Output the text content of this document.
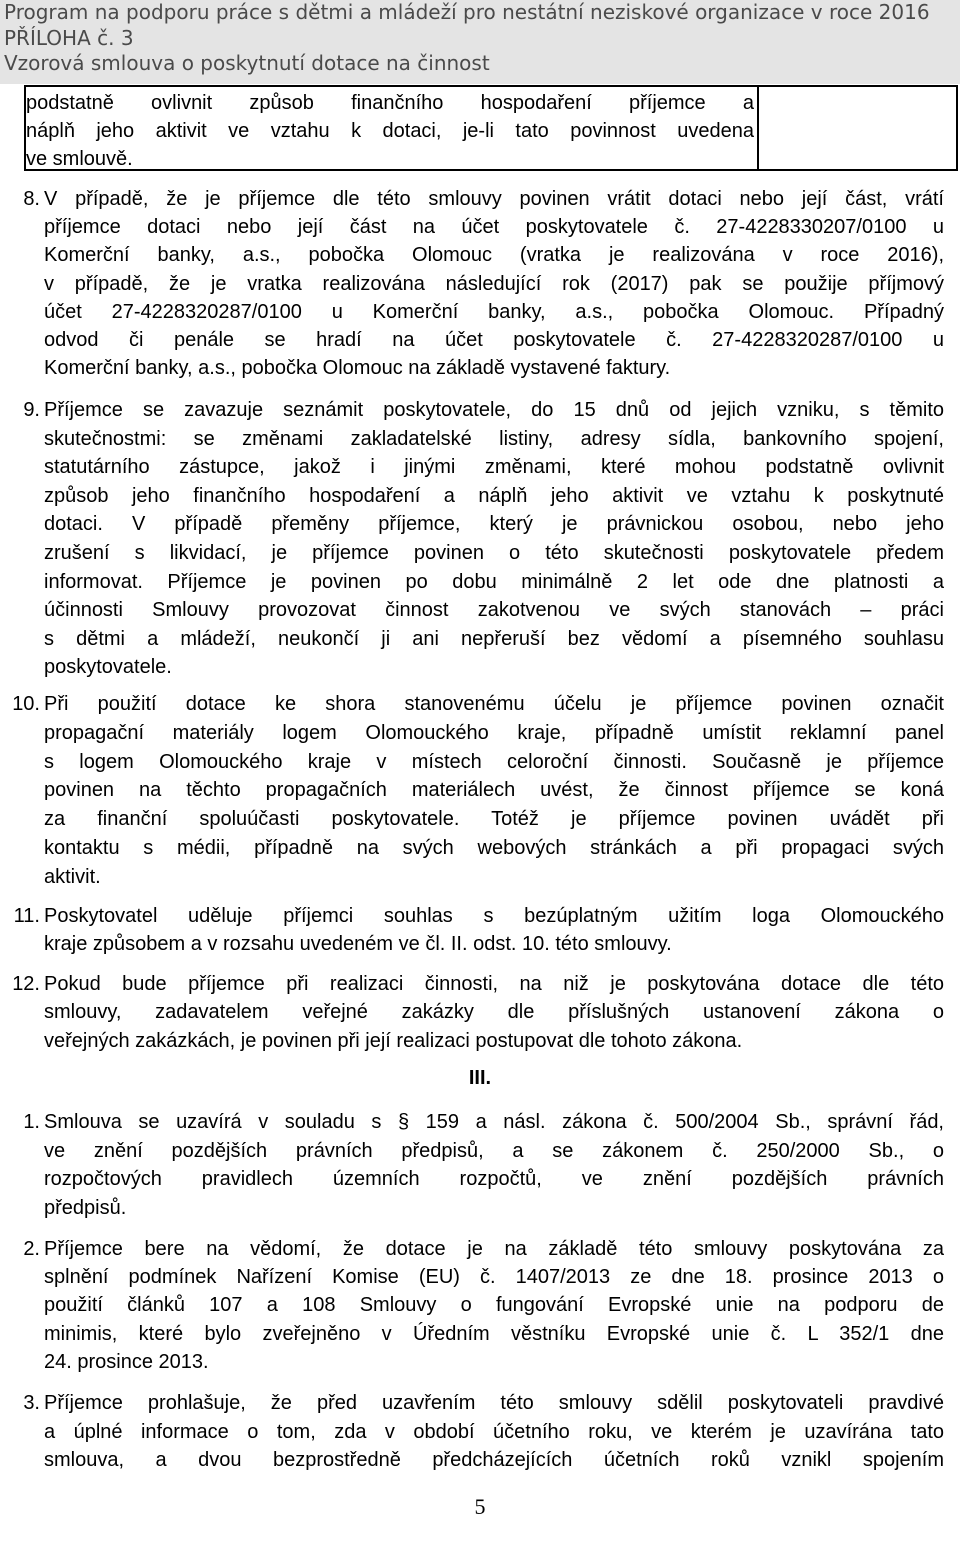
Program na podporu práce s dětmi a mládeží pro nestátní neziskové organizace v roce 2016
PŘÍLOHA č. 3
Vzorová smlouva o poskytnutí dotace na činnost
podstatně ovlivnit způsob finančního hospodaření příjemce a
náplň jeho aktivit ve vztahu k dotaci, je-li tato povinnost uvedena
ve smlouvě.
8. V případě, že je příjemce dle této smlouvy povinen vrátit dotaci nebo její část, vrátí
příjemce dotaci nebo její část na účet poskytovatele č. 27-4228330207/0100 u
Komerční banky, a.s., pobočka Olomouc (vratka je realizována v roce 2016),
v případě, že je vratka realizována následující rok (2017) pak se použije příjmový
účet 27-4228320287/0100 u Komerční banky, a.s., pobočka Olomouc. Případný
odvod či penále se hradí na účet poskytovatele č. 27-4228320287/0100 u
Komerční banky, a.s., pobočka Olomouc na základě vystavené faktury.
9. Příjemce se zavazuje seznámit poskytovatele, do 15 dnů od jejich vzniku, s těmito
skutečnostmi: se změnami zakladatelské listiny, adresy sídla, bankovního spojení,
statutárního zástupce, jakož i jinými změnami, které mohou podstatně ovlivnit
způsob jeho finančního hospodaření a náplň jeho aktivit ve vztahu k poskytnuté
dotaci. V případě přeměny příjemce, který je právnickou osobou, nebo jeho
zrušení s likvidací, je příjemce povinen o této skutečnosti poskytovatele předem
informovat. Příjemce je povinen po dobu minimálně 2 let ode dne platnosti a
účinnosti Smlouvy provozovat činnost zakotvenou ve svých stanovách – práci
s dětmi a mládeží, neukončí ji ani nepřeruší bez vědomí a písemného souhlasu
poskytovatele.
10. Při použití dotace ke shora stanovenému účelu je příjemce povinen označit
propagační materiály logem Olomouckého kraje, případně umístit reklamní panel
s logem Olomouckého kraje v místech celoroční činnosti. Současně je příjemce
povinen na těchto propagačních materiálech uvést, že činnost příjemce se koná
za finanční spoluúčasti poskytovatele. Totéž je příjemce povinen uvádět při
kontaktu s médii, případně na svých webových stránkách a při propagaci svých
aktivit.
11. Poskytovatel uděluje příjemci souhlas s bezúplatným užitím loga Olomouckého
kraje způsobem a v rozsahu uvedeném ve čl. II. odst. 10. této smlouvy.
12. Pokud bude příjemce při realizaci činnosti, na niž je poskytována dotace dle této
smlouvy, zadavatelem veřejné zakázky dle příslušných ustanovení zákona o
veřejných zakázkách, je povinen při její realizaci postupovat dle tohoto zákona.
III.
1. Smlouva se uzavírá v souladu s § 159 a násl. zákona č. 500/2004 Sb., správní řád,
ve znění pozdějších právních předpisů, a se zákonem č. 250/2000 Sb., o
rozpočtových pravidlech územních rozpočtů, ve znění pozdějších právních
předpisů.
2. Příjemce bere na vědomí, že dotace je na základě této smlouvy poskytována za
splnění podmínek Nařízení Komise (EU) č. 1407/2013 ze dne 18. prosince 2013 o
použití článků 107 a 108 Smlouvy o fungování Evropské unie na podporu de
minimis, které bylo zveřejněno v Úředním věstníku Evropské unie č. L 352/1 dne
24. prosince 2013.
3. Příjemce prohlašuje, že před uzavřením této smlouvy sdělil poskytovateli pravdivé
a úplné informace o tom, zda v období účetního roku, ve kterém je uzavírána tato
smlouva, a dvou bezprostředně předcházejících účetních roků vznikl spojením
5
